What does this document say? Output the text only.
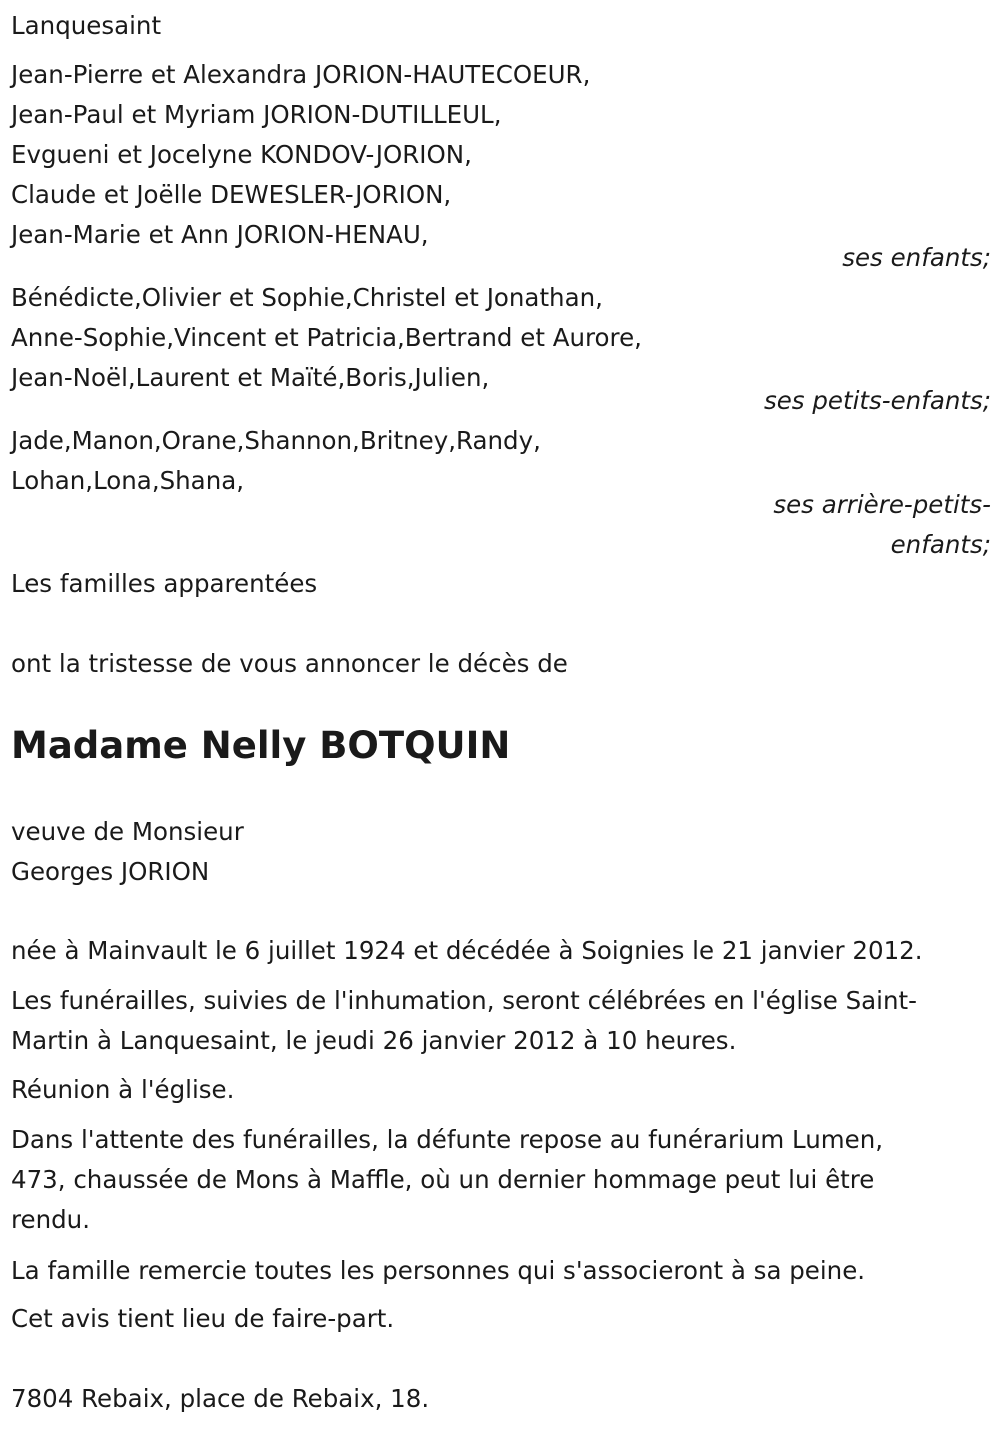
Lanquesaint
Jean-Pierre et Alexandra JORION-HAUTECOEUR,
Jean-Paul et Myriam JORION-DUTILLEUL,
Evgueni et Jocelyne KONDOV-JORION,
Claude et Joëlle DEWESLER-JORION,
Jean-Marie et Ann JORION-HENAU,
ses enfants;
Bénédicte,Olivier et Sophie,Christel et Jonathan,
Anne-Sophie,Vincent et Patricia,Bertrand et Aurore,
Jean-Noël,Laurent et Maïté,Boris,Julien,
ses petits-enfants;
Jade,Manon,Orane,Shannon,Britney,Randy,
Lohan,Lona,Shana,
ses arrière-petits-
enfants;
Les familles apparentées
ont la tristesse de vous annoncer le décès de
Madame Nelly BOTQUIN
veuve de Monsieur
Georges JORION
née à Mainvault le 6 juillet 1924 et décédée à Soignies le 21 janvier 2012.
Les funérailles, suivies de l'inhumation, seront célébrées en l'église Saint-
Martin à Lanquesaint, le jeudi 26 janvier 2012 à 10 heures.
Réunion à l'église.
Dans l'attente des funérailles, la défunte repose au funérarium Lumen,
473, chaussée de Mons à Maffle, où un dernier hommage peut lui être
rendu.
La famille remercie toutes les personnes qui s'associeront à sa peine.
Cet avis tient lieu de faire-part.
7804 Rebaix, place de Rebaix, 18.
